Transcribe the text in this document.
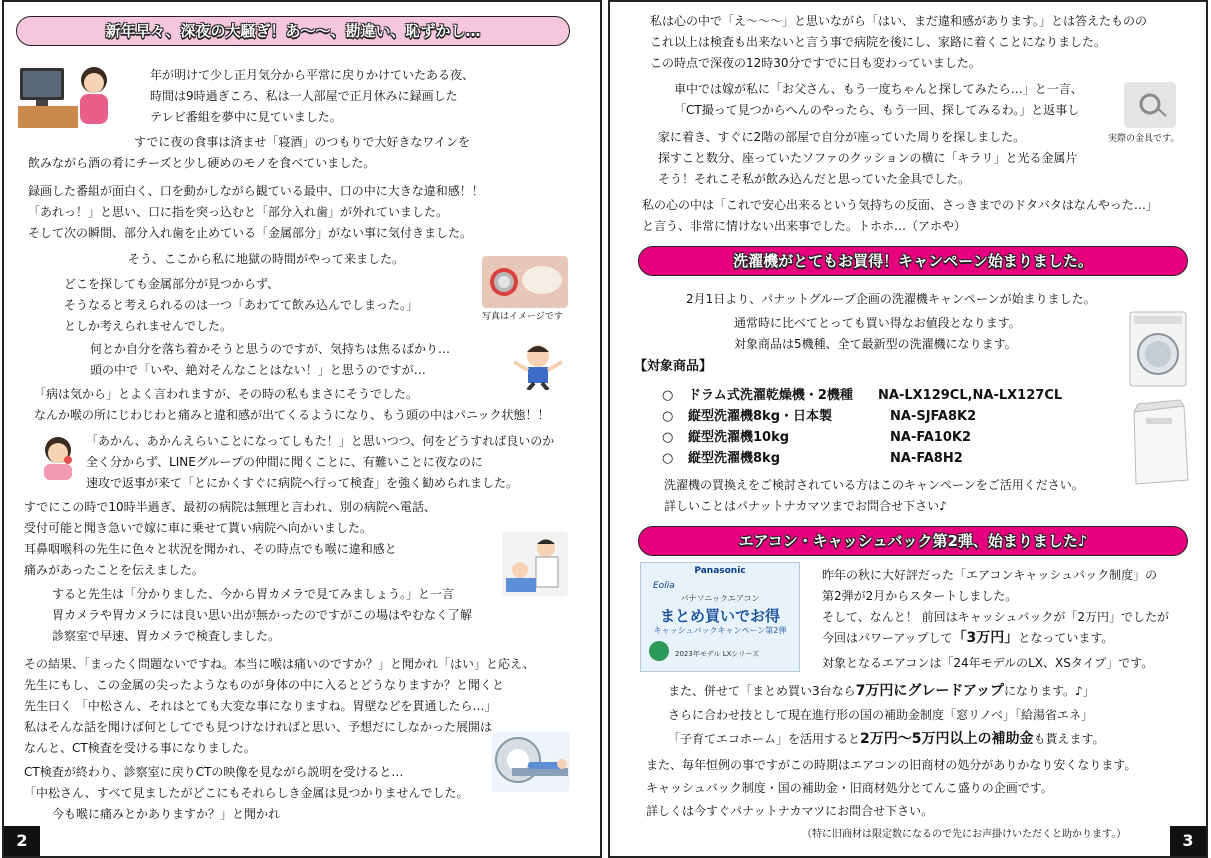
新年早々、深夜の大騒ぎ！あ～～、勘違い、恥ずかし…
年が明けて少し正月気分から平常に戻りかけていたある夜、
時間は9時過ぎころ、私は一人部屋で正月休みに録画した
テレビ番組を夢中に見ていました。
すでに夜の食事は済ませ「寝酒」のつもりで大好きなワインを
飲みながら酒の肴にチーズと少し硬めのモノを食べていました。
録画した番組が面白く、口を動かしながら観ている最中、口の中に大きな違和感！！
「あれっ！」と思い、口に指を突っ込むと「部分入れ歯」が外れていました。
そして次の瞬間、部分入れ歯を止めている「金属部分」がない事に気付きました。
そう、ここから私に地獄の時間がやって来ました。
どこを探しても金属部分が見つからず、
そうなると考えられるのは一つ「あわてて飲み込んでしまった。」
としか考えられませんでした。
写真はイメージです
何とか自分を落ち着かそうと思うのですが、気持ちは焦るばかり…
頭の中で「いや、絶対そんなことはない！」と思うのですが…
「病は気から」とよく言われますが、その時の私もまさにそうでした。
なんか喉の所にじわじわと痛みと違和感が出てくるようになり、もう頭の中はパニック状態！！
「あかん、あかんえらいことになってしもた！」と思いつつ、何をどうすれば良いのか
全く分からず、LINEグループの仲間に聞くことに、有難いことに夜なのに
速攻で返事が来て「とにかくすぐに病院へ行って検査」を強く勧められました。
すでにこの時で10時半過ぎ、最初の病院は無理と言われ、別の病院へ電話、
受付可能と聞き急いで嫁に車に乗せて貰い病院へ向かいました。
耳鼻咽喉科の先生に色々と状況を聞かれ、その時点でも喉に違和感と
痛みがあったことを伝えました。
すると先生は「分かりました、今から胃カメラで見てみましょう。」と一言
胃カメラや胃カメラには良い思い出が無かったのですがこの場はやむなく了解
診察室で早速、胃カメラで検査しました。
その結果、「まったく問題ないですね。本当に喉は痛いのですか？」と聞かれ「はい」と応え、
先生にもし、この金属の尖ったようなものが身体の中に入るとどうなりますか？と聞くと
先生曰く 「中松さん、それはとても大変な事になりますね。胃壁などを貫通したら…」
私はそんな話を聞けば何としてでも見つけなければと思い、予想だにしなかった展開は
なんと、CT検査を受ける事になりました。
CT検査が終わり、診察室に戻りCTの映像を見ながら説明を受けると…
「中松さん、すべて見ましたがどこにもそれらしき金属は見つかりませんでした。
今も喉に痛みとかありますか？」と聞かれ
2
私は心の中で「え～～～」と思いながら「はい、まだ違和感があります。」とは答えたものの
これ以上は検査も出来ないと言う事で病院を後にし、家路に着くことになりました。
この時点で深夜の12時30分ですでに日も変わっていました。
車中では嫁が私に「お父さん、もう一度ちゃんと探してみたら…」と一言、
「CT撮って見つからへんのやったら、もう一回、探してみるわ。」と返事し
実際の金具です。
家に着き、すぐに2階の部屋で自分が座っていた周りを探しました。
探すこと数分、座っていたソファのクッションの横に「キラリ」と光る金属片
そう！それこそ私が飲み込んだと思っていた金具でした。
私の心の中は「これで安心出来るという気持ちの反面、さっきまでのドタバタはなんやった…」
と言う、非常に情けない出来事でした。トホホ…（アホや）
洗濯機がとてもお買得！キャンペーン始まりました。
2月1日より、パナットグループ企画の洗濯機キャンペーンが始まりました。
通常時に比べてとっても買い得なお値段となります。
対象商品は5機種、全て最新型の洗濯機になります。
【対象商品】
○ ドラム式洗濯乾燥機・2機種 NA-LX129CL,NA-LX127CL
○ 縦型洗濯機8kg・日本製	NA-SJFA8K2
○ 縦型洗濯機10kg	NA-FA10K2
○ 縦型洗濯機8kg	NA-FA8H2
洗濯機の買換えをご検討されている方はこのキャンペーンをご活用ください。
詳しいことはパナットナカマツまでお問合せ下さい♪
エアコン・キャッシュバック第2弾、始まりました♪
Panasonic
Eolia
パナソニックエアコン
まとめ買いでお得
キャッシュバックキャンペーン第2弾
2023年モデル LXシリーズ
昨年の秋に大好評だった「エアコンキャッシュバック制度」の
第2弾が2月からスタートしました。
そして、なんと！ 前回はキャッシュバックが「2万円」でしたが
今回はパワーアップして「3万円」となっています。
対象となるエアコンは「24年モデルのLX、XSタイプ」です。
また、併せて「まとめ買い3台なら7万円にグレードアップになります。♪」
さらに合わせ技として現在進行形の国の補助金制度「窓リノベ」「給湯省エネ」
「子育てエコホーム」を活用すると2万円～5万円以上の補助金も貰えます。
また、毎年恒例の事ですがこの時期はエアコンの旧商材の処分がありかなり安くなります。
キャッシュバック制度・国の補助金・旧商材処分とてんこ盛りの企画です。
詳しくは今すぐパナットナカマツにお問合せ下さい。
（特に旧商材は限定数になるので先にお声掛けいただくと助かります。）	3
